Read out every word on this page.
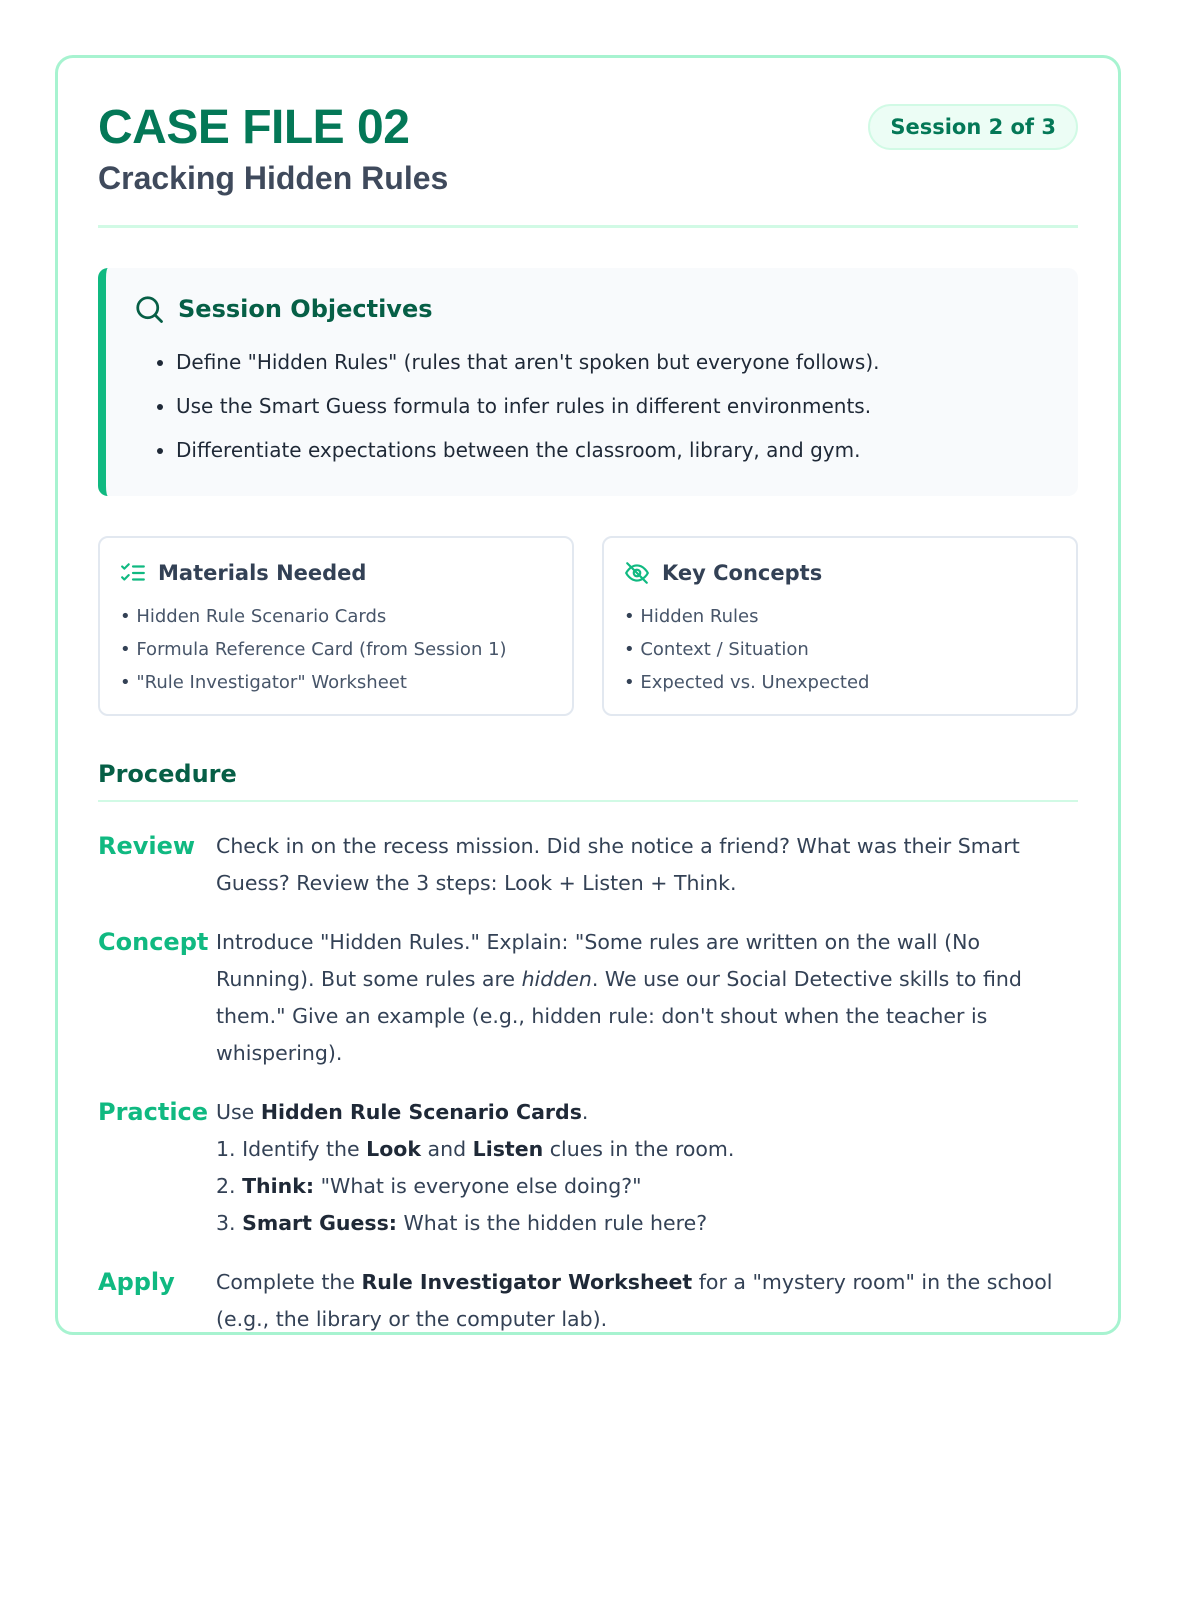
CASE FILE 02
Cracking Hidden Rules
Session 2 of 3
Session Objectives
• Define "Hidden Rules" (rules that aren't spoken but everyone follows).
• Use the Smart Guess formula to infer rules in different environments.
• Differentiate expectations between the classroom, library, and gym.
Materials Needed
• Hidden Rule Scenario Cards
• Formula Reference Card (from Session 1)
• "Rule Investigator" Worksheet
Key Concepts
• Hidden Rules
• Context / Situation
• Expected vs. Unexpected
Procedure
Review	Check in on the recess mission. Did she notice a friend? What was their Smart Guess? Review the 3 steps: Look + Listen + Think.
Concept Introduce "Hidden Rules." Explain: "Some rules are written on the wall (No Running). But some rules are hidden. We use our Social Detective skills to find them." Give an example (e.g., hidden rule: don't shout when the teacher is whispering).
Practice Use Hidden Rule Scenario Cards.
1. Identify the Look and Listen clues in the room.
2. Think: "What is everyone else doing?"
3. Smart Guess: What is the hidden rule here?
Apply	Complete the Rule Investigator Worksheet for a "mystery room" in the school (e.g., the library or the computer lab).
